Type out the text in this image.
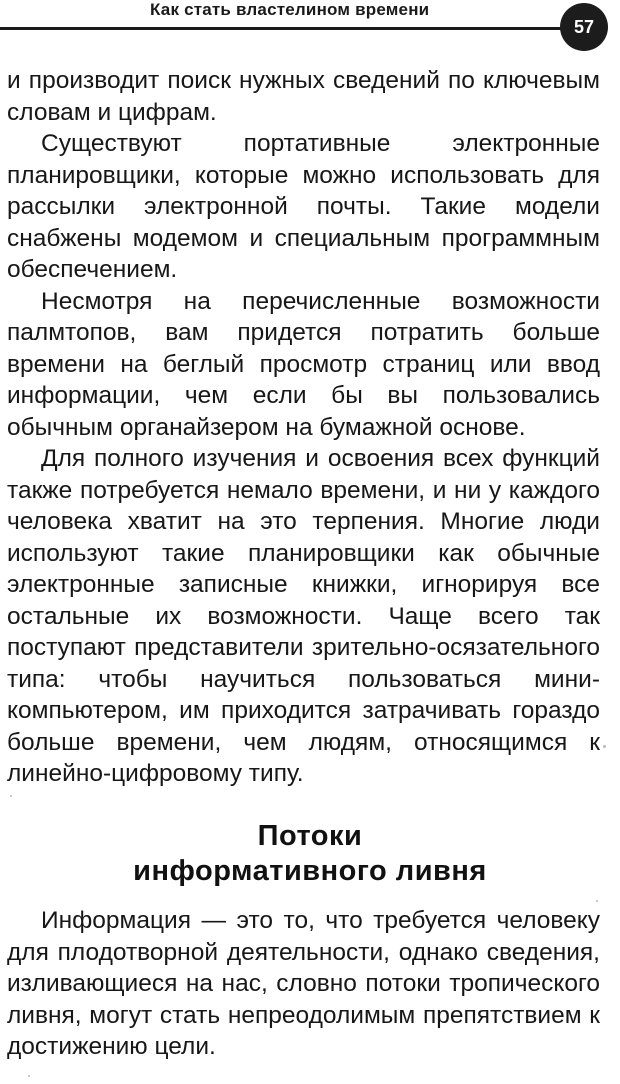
Как стать властелином времени
57

и производит поиск нужных сведений по ключевым словам и цифрам.

Существуют портативные электронные планировщики, которые можно использовать для рассылки электронной почты. Такие модели снабжены модемом и специальным программным обеспечением.

Несмотря на перечисленные возможности палмтопов, вам придется потратить больше времени на беглый просмотр страниц или ввод информации, чем если бы вы пользовались обычным органайзером на бумажной основе.

Для полного изучения и освоения всех функций также потребуется немало времени, и ни у каждого человека хватит на это терпения. Многие люди используют такие планировщики как обычные электронные записные книжки, игнорируя все остальные их возможности. Чаще всего так поступают представители зрительно-осязательного типа: чтобы научиться пользоваться мини-компьютером, им приходится затрачивать гораздо больше времени, чем людям, относящимся к линейно-цифровому типу.

Потоки
информативного ливня

Информация — это то, что требуется человеку для плодотворной деятельности, однако сведения, изливающиеся на нас, словно потоки тропического ливня, могут стать непреодолимым препятствием к достижению цели.
